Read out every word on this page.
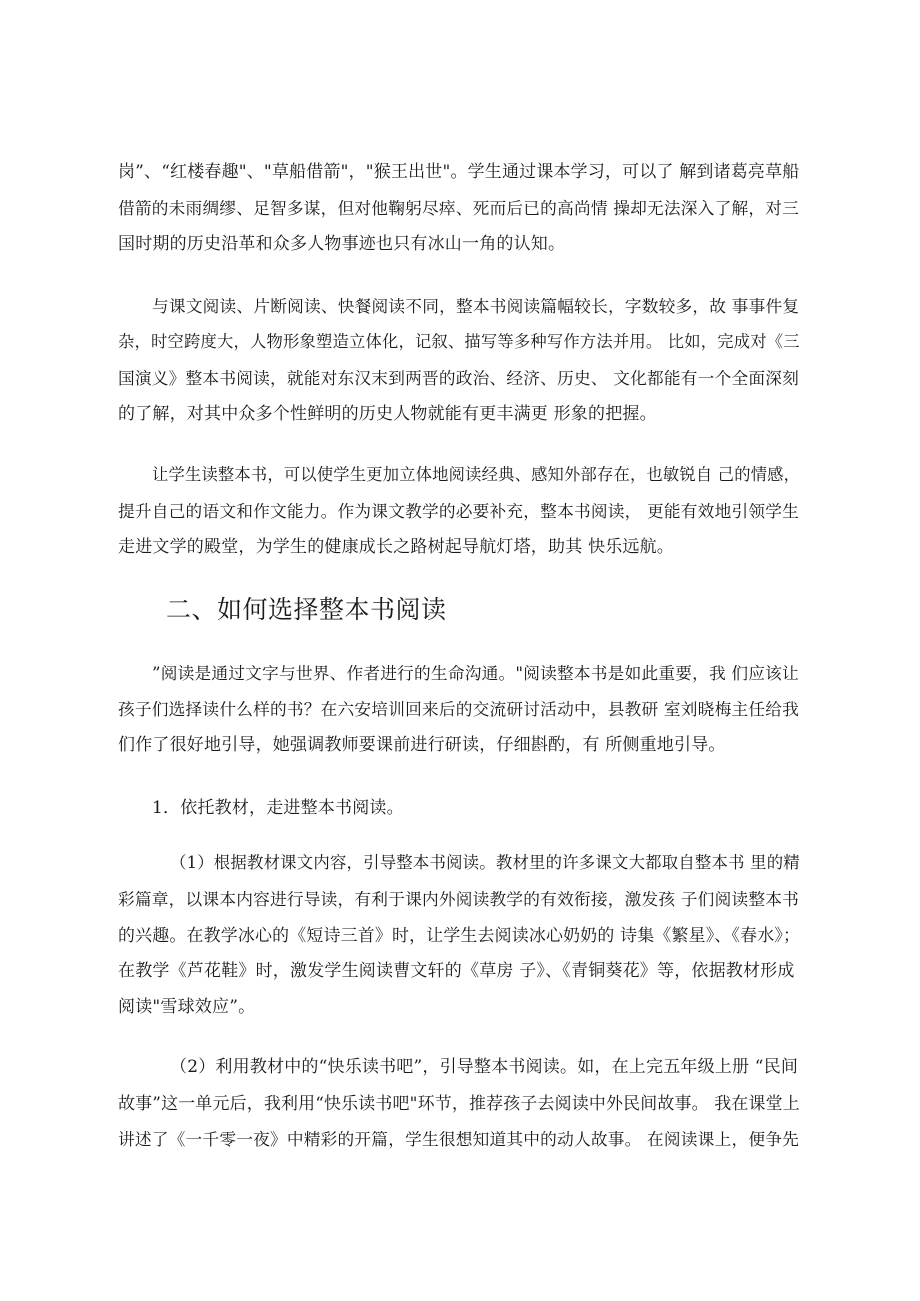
岗”、“红楼春趣"、"草船借箭"，"猴王出世"。学生通过课本学习，可以了 解到诸葛亮草船
借箭的未雨绸缪、足智多谋，但对他鞠躬尽瘁、死而后已的高尚情 操却无法深入了解，对三
国时期的历史沿革和众多人物事迹也只有冰山一角的认知。
与课文阅读、片断阅读、快餐阅读不同，整本书阅读篇幅较长，字数较多，故 事事件复
杂，时空跨度大，人物形象塑造立体化，记叙、描写等多种写作方法并用。 比如，完成对《三
国演义》整本书阅读，就能对东汉末到两晋的政治、经济、历史、 文化都能有一个全面深刻
的了解，对其中众多个性鲜明的历史人物就能有更丰满更 形象的把握。
让学生读整本书，可以使学生更加立体地阅读经典、感知外部存在，也敏锐自 己的情感，
提升自己的语文和作文能力。作为课文教学的必要补充，整本书阅读， 更能有效地引领学生
走进文学的殿堂，为学生的健康成长之路树起导航灯塔，助其 快乐远航。
二、如何选择整本书阅读
”阅读是通过文字与世界、作者进行的生命沟通。"阅读整本书是如此重要，我 们应该让
孩子们选择读什么样的书？在六安培训回来后的交流研讨活动中，县教研 室刘晓梅主任给我
们作了很好地引导，她强调教师要课前进行研读，仔细斟酌，有 所侧重地引导。
1．依托教材，走进整本书阅读。
（1）根据教材课文内容，引导整本书阅读。教材里的许多课文大都取自整本书 里的精
彩篇章，以课本内容进行导读，有利于课内外阅读教学的有效衔接，激发孩 子们阅读整本书
的兴趣。在教学冰心的《短诗三首》时，让学生去阅读冰心奶奶的 诗集《繁星》、《春水》；
在教学《芦花鞋》时，激发学生阅读曹文轩的《草房 子》、《青铜葵花》等，依据教材形成
阅读"雪球效应”。
（2）利用教材中的“快乐读书吧”，引导整本书阅读。如，在上完五年级上册 “民间
故事”这一单元后，我利用“快乐读书吧"环节，推荐孩子去阅读中外民间故事。 我在课堂上
讲述了《一千零一夜》中精彩的开篇，学生很想知道其中的动人故事。 在阅读课上，便争先
